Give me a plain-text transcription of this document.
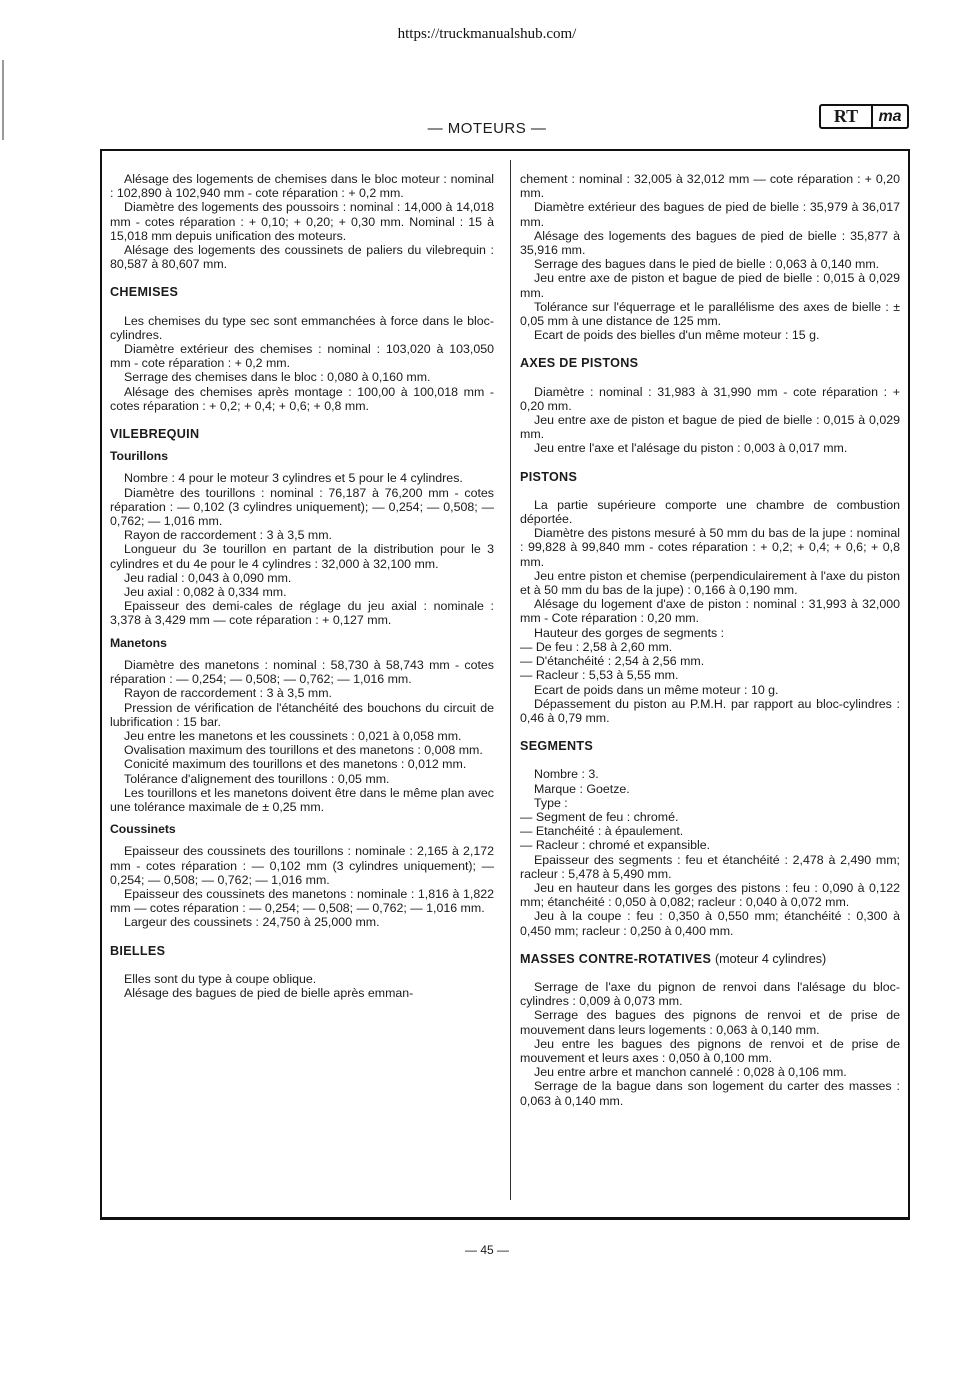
https://truckmanualshub.com/
— MOTEURS —
RT	ma

Alésage des logements de chemises dans le bloc moteur : nominal : 102,890 à 102,940 mm - cote réparation : + 0,2 mm.

Diamètre des logements des poussoirs : nominal : 14,000 à 14,018 mm - cotes réparation : + 0,10; + 0,20; + 0,30 mm. Nominal : 15 à 15,018 mm depuis unification des moteurs.

Alésage des logements des coussinets de paliers du vilebrequin : 80,587 à 80,607 mm.

CHEMISES

Les chemises du type sec sont emmanchées à force dans le bloc-cylindres.

Diamètre extérieur des chemises : nominal : 103,020 à 103,050 mm - cote réparation : + 0,2 mm.

Serrage des chemises dans le bloc : 0,080 à 0,160 mm.

Alésage des chemises après montage : 100,00 à 100,018 mm - cotes réparation : + 0,2; + 0,4; + 0,6; + 0,8 mm.

VILEBREQUIN
Tourillons

Nombre : 4 pour le moteur 3 cylindres et 5 pour le 4 cylindres.

Diamètre des tourillons : nominal : 76,187 à 76,200 mm - cotes réparation : — 0,102 (3 cylindres uniquement); — 0,254; — 0,508; — 0,762; — 1,016 mm.

Rayon de raccordement : 3 à 3,5 mm.

Longueur du 3e tourillon en partant de la distribution pour le 3 cylindres et du 4e pour le 4 cylindres : 32,000 à 32,100 mm.

Jeu radial : 0,043 à 0,090 mm.

Jeu axial : 0,082 à 0,334 mm.

Epaisseur des demi-cales de réglage du jeu axial : nominale : 3,378 à 3,429 mm — cote réparation : + 0,127 mm.

Manetons

Diamètre des manetons : nominal : 58,730 à 58,743 mm - cotes réparation : — 0,254; — 0,508; — 0,762; — 1,016 mm.

Rayon de raccordement : 3 à 3,5 mm.

Pression de vérification de l'étanchéité des bouchons du circuit de lubrification : 15 bar.

Jeu entre les manetons et les coussinets : 0,021 à 0,058 mm.

Ovalisation maximum des tourillons et des manetons : 0,008 mm.

Conicité maximum des tourillons et des manetons : 0,012 mm.

Tolérance d'alignement des tourillons : 0,05 mm.

Les tourillons et les manetons doivent être dans le même plan avec une tolérance maximale de ± 0,25 mm.

Coussinets

Epaisseur des coussinets des tourillons : nominale : 2,165 à 2,172 mm - cotes réparation : — 0,102 mm (3 cylindres uniquement); — 0,254; — 0,508; — 0,762; — 1,016 mm.

Epaisseur des coussinets des manetons : nominale : 1,816 à 1,822 mm — cotes réparation : — 0,254; — 0,508; — 0,762; — 1,016 mm.

Largeur des coussinets : 24,750 à 25,000 mm.

BIELLES

Elles sont du type à coupe oblique.

Alésage des bagues de pied de bielle après emman-

chement : nominal : 32,005 à 32,012 mm — cote réparation : + 0,20 mm.

Diamètre extérieur des bagues de pied de bielle : 35,979 à 36,017 mm.

Alésage des logements des bagues de pied de bielle : 35,877 à 35,916 mm.

Serrage des bagues dans le pied de bielle : 0,063 à 0,140 mm.

Jeu entre axe de piston et bague de pied de bielle : 0,015 à 0,029 mm.

Tolérance sur l'équerrage et le parallélisme des axes de bielle : ± 0,05 mm à une distance de 125 mm.

Ecart de poids des bielles d'un même moteur : 15 g.

AXES DE PISTONS

Diamètre : nominal : 31,983 à 31,990 mm - cote réparation : + 0,20 mm.

Jeu entre axe de piston et bague de pied de bielle : 0,015 à 0,029 mm.

Jeu entre l'axe et l'alésage du piston : 0,003 à 0,017 mm.

PISTONS

La partie supérieure comporte une chambre de combustion déportée.

Diamètre des pistons mesuré à 50 mm du bas de la jupe : nominal : 99,828 à 99,840 mm - cotes réparation : + 0,2; + 0,4; + 0,6; + 0,8 mm.

Jeu entre piston et chemise (perpendiculairement à l'axe du piston et à 50 mm du bas de la jupe) : 0,166 à 0,190 mm.

Alésage du logement d'axe de piston : nominal : 31,993 à 32,000 mm - Cote réparation : 0,20 mm.

Hauteur des gorges de segments :

— De feu : 2,58 à 2,60 mm.

— D'étanchéité : 2,54 à 2,56 mm.

— Racleur : 5,53 à 5,55 mm.

Ecart de poids dans un même moteur : 10 g.

Dépassement du piston au P.M.H. par rapport au bloc-cylindres : 0,46 à 0,79 mm.

SEGMENTS

Nombre : 3.

Marque : Goetze.

Type :

— Segment de feu : chromé.

— Etanchéité : à épaulement.

— Racleur : chromé et expansible.

Epaisseur des segments : feu et étanchéité : 2,478 à 2,490 mm; racleur : 5,478 à 5,490 mm.

Jeu en hauteur dans les gorges des pistons : feu : 0,090 à 0,122 mm; étanchéité : 0,050 à 0,082; racleur : 0,040 à 0,072 mm.

Jeu à la coupe : feu : 0,350 à 0,550 mm; étanchéité : 0,300 à 0,450 mm; racleur : 0,250 à 0,400 mm.

MASSES CONTRE-ROTATIVES (moteur 4 cylindres)

Serrage de l'axe du pignon de renvoi dans l'alésage du bloc-cylindres : 0,009 à 0,073 mm.

Serrage des bagues des pignons de renvoi et de prise de mouvement dans leurs logements : 0,063 à 0,140 mm.

Jeu entre les bagues des pignons de renvoi et de prise de mouvement et leurs axes : 0,050 à 0,100 mm.

Jeu entre arbre et manchon cannelé : 0,028 à 0,106 mm.

Serrage de la bague dans son logement du carter des masses : 0,063 à 0,140 mm.

— 45 —
